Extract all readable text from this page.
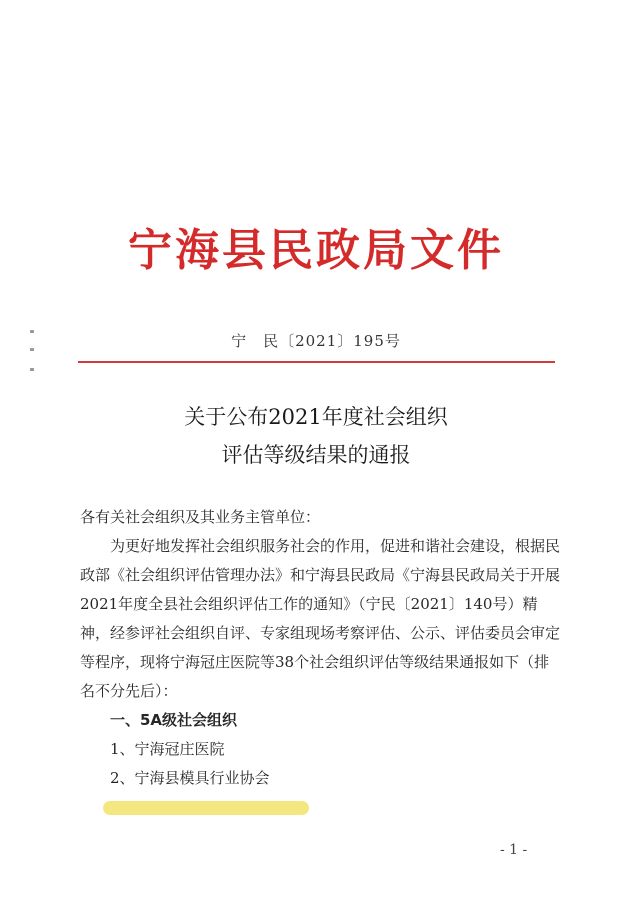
宁海县民政局文件
宁　民〔2021〕195号
关于公布2021年度社会组织
评估等级结果的通报

各有关社会组织及其业务主管单位：

为更好地发挥社会组织服务社会的作用，促进和谐社会建设，根据民政部《社会组织评估管理办法》和宁海县民政局《宁海县民政局关于开展2021年度全县社会组织评估工作的通知》（宁民〔2021〕140号）精神，经参评社会组织自评、专家组现场考察评估、公示、评估委员会审定等程序，现将宁海冠庄医院等38个社会组织评估等级结果通报如下（排名不分先后）：

一、5A级社会组织

1、宁海冠庄医院

2、宁海县模具行业协会

- 1 -
